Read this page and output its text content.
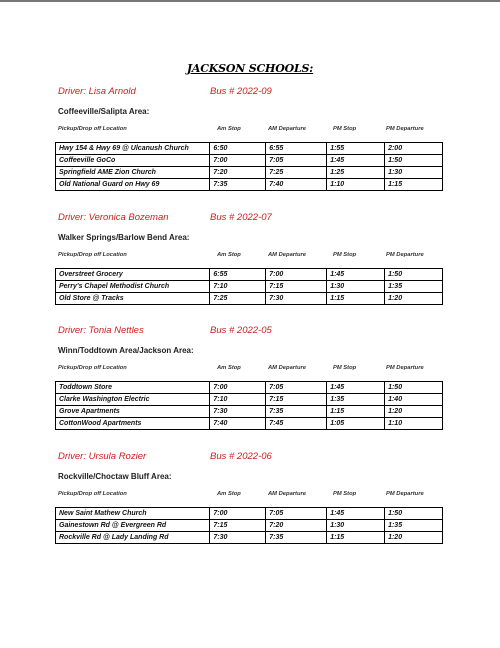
JACKSON SCHOOLS:
Driver: Lisa Arnold	Bus # 2022-09
Coffeeville/Salipta Area:
Pickup/Drop off Location	Am Stop	AM Departure	PM Stop	PM Departure
Hwy 154 & Hwy 69 @ Ulcanush Church	6:50	6:55	1:55	2:00
Coffeeville GoCo	7:00	7:05	1:45	1:50
Springfield AME Zion Church	7:20	7:25	1:25	1:30
Old National Guard on Hwy 69	7:35	7:40	1:10	1:15
Driver: Veronica Bozeman	Bus # 2022-07
Walker Springs/Barlow Bend Area:
Pickup/Drop off Location	Am Stop	AM Departure	PM Stop	PM Departure
Overstreet Grocery	6:55	7:00	1:45	1:50
Perry's Chapel Methodist Church	7:10	7:15	1:30	1:35
Old Store @ Tracks	7:25	7:30	1:15	1:20
Driver: Tonia Nettles	Bus # 2022-05
Winn/Toddtown Area/Jackson Area:
Pickup/Drop off Location	Am Stop	AM Departure	PM Stop	PM Departure
Toddtown Store	7:00	7:05	1:45	1:50
Clarke Washington Electric	7:10	7:15	1:35	1:40
Grove Apartments	7:30	7:35	1:15	1:20
CottonWood Apartments	7:40	7:45	1:05	1:10
Driver: Ursula Rozier	Bus # 2022-06
Rockville/Choctaw Bluff Area:
Pickup/Drop off Location	Am Stop	AM Departure	PM Stop	PM Departure
New Saint Mathew Church	7:00	7:05	1:45	1:50
Gainestown Rd @ Evergreen Rd	7:15	7:20	1:30	1:35
Rockville Rd @ Lady Landing Rd	7:30	7:35	1:15	1:20
